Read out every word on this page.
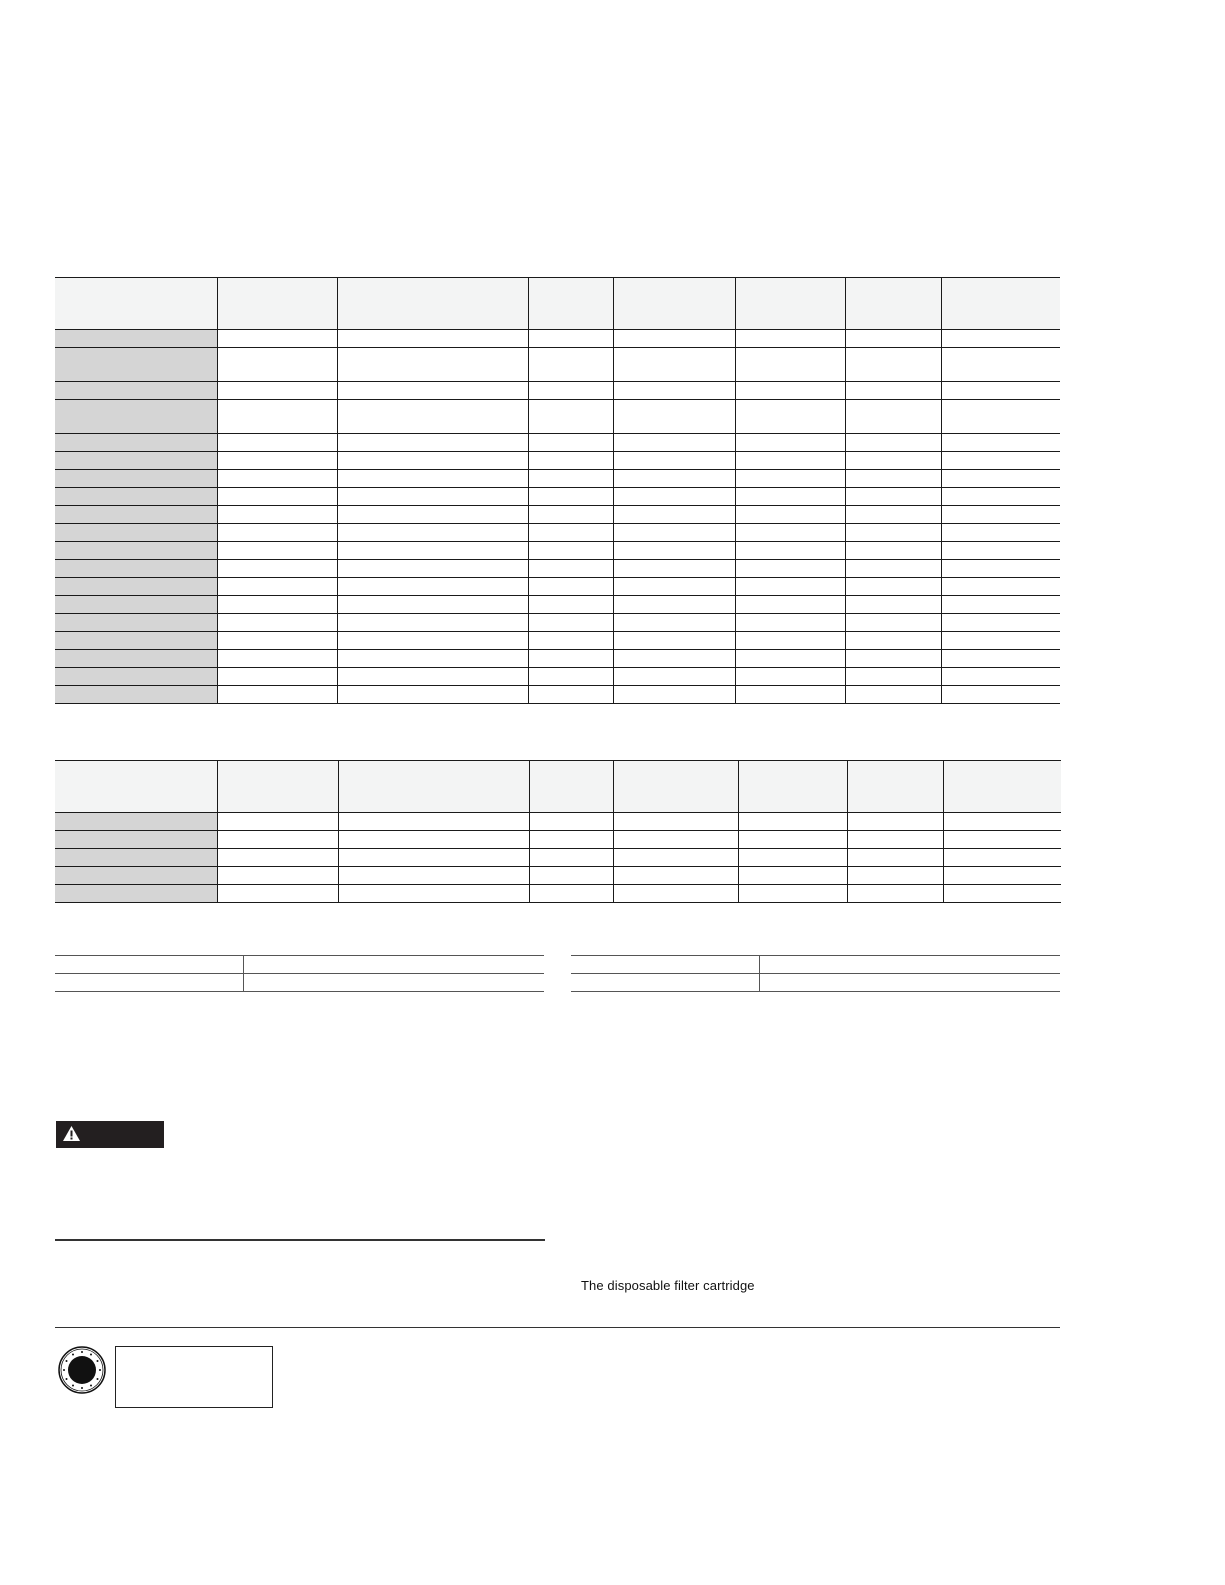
The disposable filter cartridge
